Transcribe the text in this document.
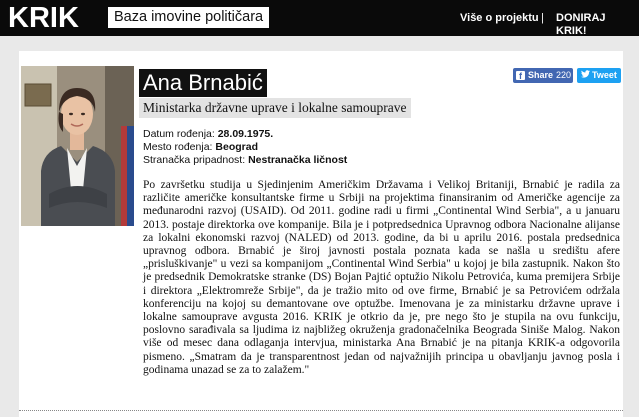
KRIK	Baza imovine političara	Više o projektu | DONIRAJ KRIK!
Ana Brnabić
Ministarka državne uprave i lokalne samouprave
f Share 220 Tweet
Datum rođenja: 28.09.1975.
Mesto rođenja: Beograd
Stranačka pripadnost: Nestranačka ličnost
Po završetku studija u Sjedinjenim Američkim Državama i Velikoj Britaniji, Brnabić je radila za različite američke konsultantske firme u Srbiji na projektima finansiranim od Američke agencije za međunarodni razvoj (USAID). Od 2011. godine radi u firmi „Continental Wind Serbia", a u januaru 2013. postaje direktorka ove kompanije. Bila je i potpredsednica Upravnog odbora Nacionalne alijanse za lokalni ekonomski razvoj (NALED) od 2013. godine, da bi u aprilu 2016. postala predsednica upravnog odbora. Brnabić je široj javnosti postala poznata kada se našla u središtu afere „prisluškivanje" u vezi sa kompanijom „Continental Wind Serbia" u kojoj je bila zastupnik. Nakon što je predsednik Demokratske stranke (DS) Bojan Pajtić optužio Nikolu Petrovića, kuma premijera Srbije i direktora „Elektromreže Srbije", da je tražio mito od ove firme, Brnabić je sa Petrovićem održala konferenciju na kojoj su demantovane ove optužbe. Imenovana je za ministarku državne uprave i lokalne samouprave avgusta 2016. KRIK je otkrio da je, pre nego što je stupila na ovu funkciju, poslovno sarađivala sa ljudima iz najbližeg okruženja gradonačelnika Beograda Siniše Malog. Nakon više od mesec dana odlaganja intervjua, ministarka Ana Brnabić je na pitanja KRIK-a odgovorila pismeno. „Smatram da je transparentnost jedan od najvažnijih principa u obavljanju javnog posla i godinama unazad se za to zalažem."
